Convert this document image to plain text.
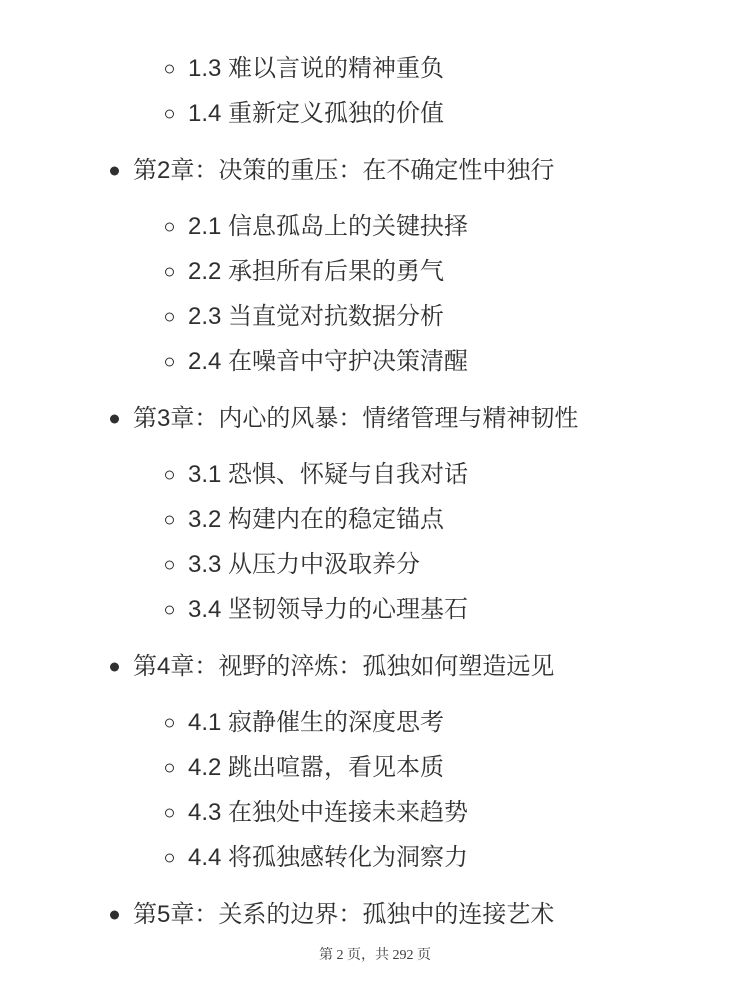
1.3 难以言说的精神重负
1.4 重新定义孤独的价值
第2章：决策的重压：在不确定性中独行
2.1 信息孤岛上的关键抉择
2.2 承担所有后果的勇气
2.3 当直觉对抗数据分析
2.4 在噪音中守护决策清醒
第3章：内心的风暴：情绪管理与精神韧性
3.1 恐惧、怀疑与自我对话
3.2 构建内在的稳定锚点
3.3 从压力中汲取养分
3.4 坚韧领导力的心理基石
第4章：视野的淬炼：孤独如何塑造远见
4.1 寂静催生的深度思考
4.2 跳出喧嚣，看见本质
4.3 在独处中连接未来趋势
4.4 将孤独感转化为洞察力
第5章：关系的边界：孤独中的连接艺术
第 2 页，共 292 页
